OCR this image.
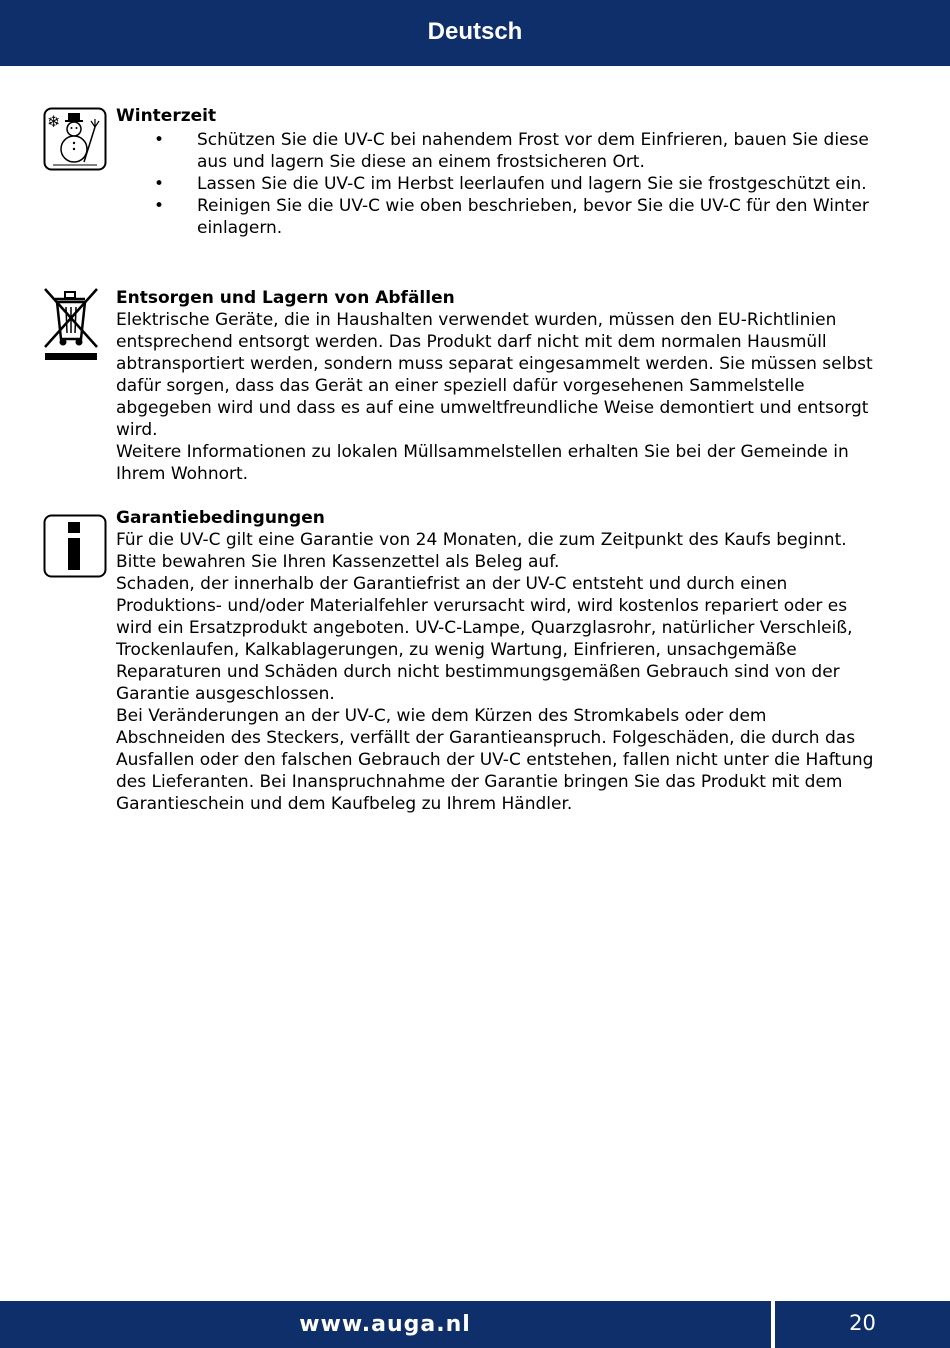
Deutsch
❄	Winterzeit
• Schützen Sie die UV-C bei nahendem Frost vor dem Einfrieren, bauen Sie diese aus und lagern Sie diese an einem frostsicheren Ort.
• Lassen Sie die UV-C im Herbst leerlaufen und lagern Sie sie frostgeschützt ein.
• Reinigen Sie die UV-C wie oben beschrieben, bevor Sie die UV-C für den Winter einlagern.
Entsorgen und Lagern von Abfällen
Elektrische Geräte, die in Haushalten verwendet wurden, müssen den EU-Richtlinien entsprechend entsorgt werden. Das Produkt darf nicht mit dem normalen Hausmüll abtransportiert werden, sondern muss separat eingesammelt werden. Sie müssen selbst dafür sorgen, dass das Gerät an einer speziell dafür vorgesehenen Sammelstelle abgegeben wird und dass es auf eine umweltfreundliche Weise demontiert und entsorgt wird.
Weitere Informationen zu lokalen Müllsammelstellen erhalten Sie bei der Gemeinde in Ihrem Wohnort.
Garantiebedingungen
Für die UV-C gilt eine Garantie von 24 Monaten, die zum Zeitpunkt des Kaufs beginnt. Bitte bewahren Sie Ihren Kassenzettel als Beleg auf.
Schaden, der innerhalb der Garantiefrist an der UV-C entsteht und durch einen Produktions- und/oder Materialfehler verursacht wird, wird kostenlos repariert oder es wird ein Ersatzprodukt angeboten. UV-C-Lampe, Quarzglasrohr, natürlicher Verschleiß, Trockenlaufen, Kalkablagerungen, zu wenig Wartung, Einfrieren, unsachgemäße Reparaturen und Schäden durch nicht bestimmungsgemäßen Gebrauch sind von der Garantie ausgeschlossen.
Bei Veränderungen an der UV-C, wie dem Kürzen des Stromkabels oder dem Abschneiden des Steckers, verfällt der Garantieanspruch. Folgeschäden, die durch das Ausfallen oder den falschen Gebrauch der UV-C entstehen, fallen nicht unter die Haftung des Lieferanten. Bei Inanspruchnahme der Garantie bringen Sie das Produkt mit dem Garantieschein und dem Kaufbeleg zu Ihrem Händler.
www.auga.nl	20
